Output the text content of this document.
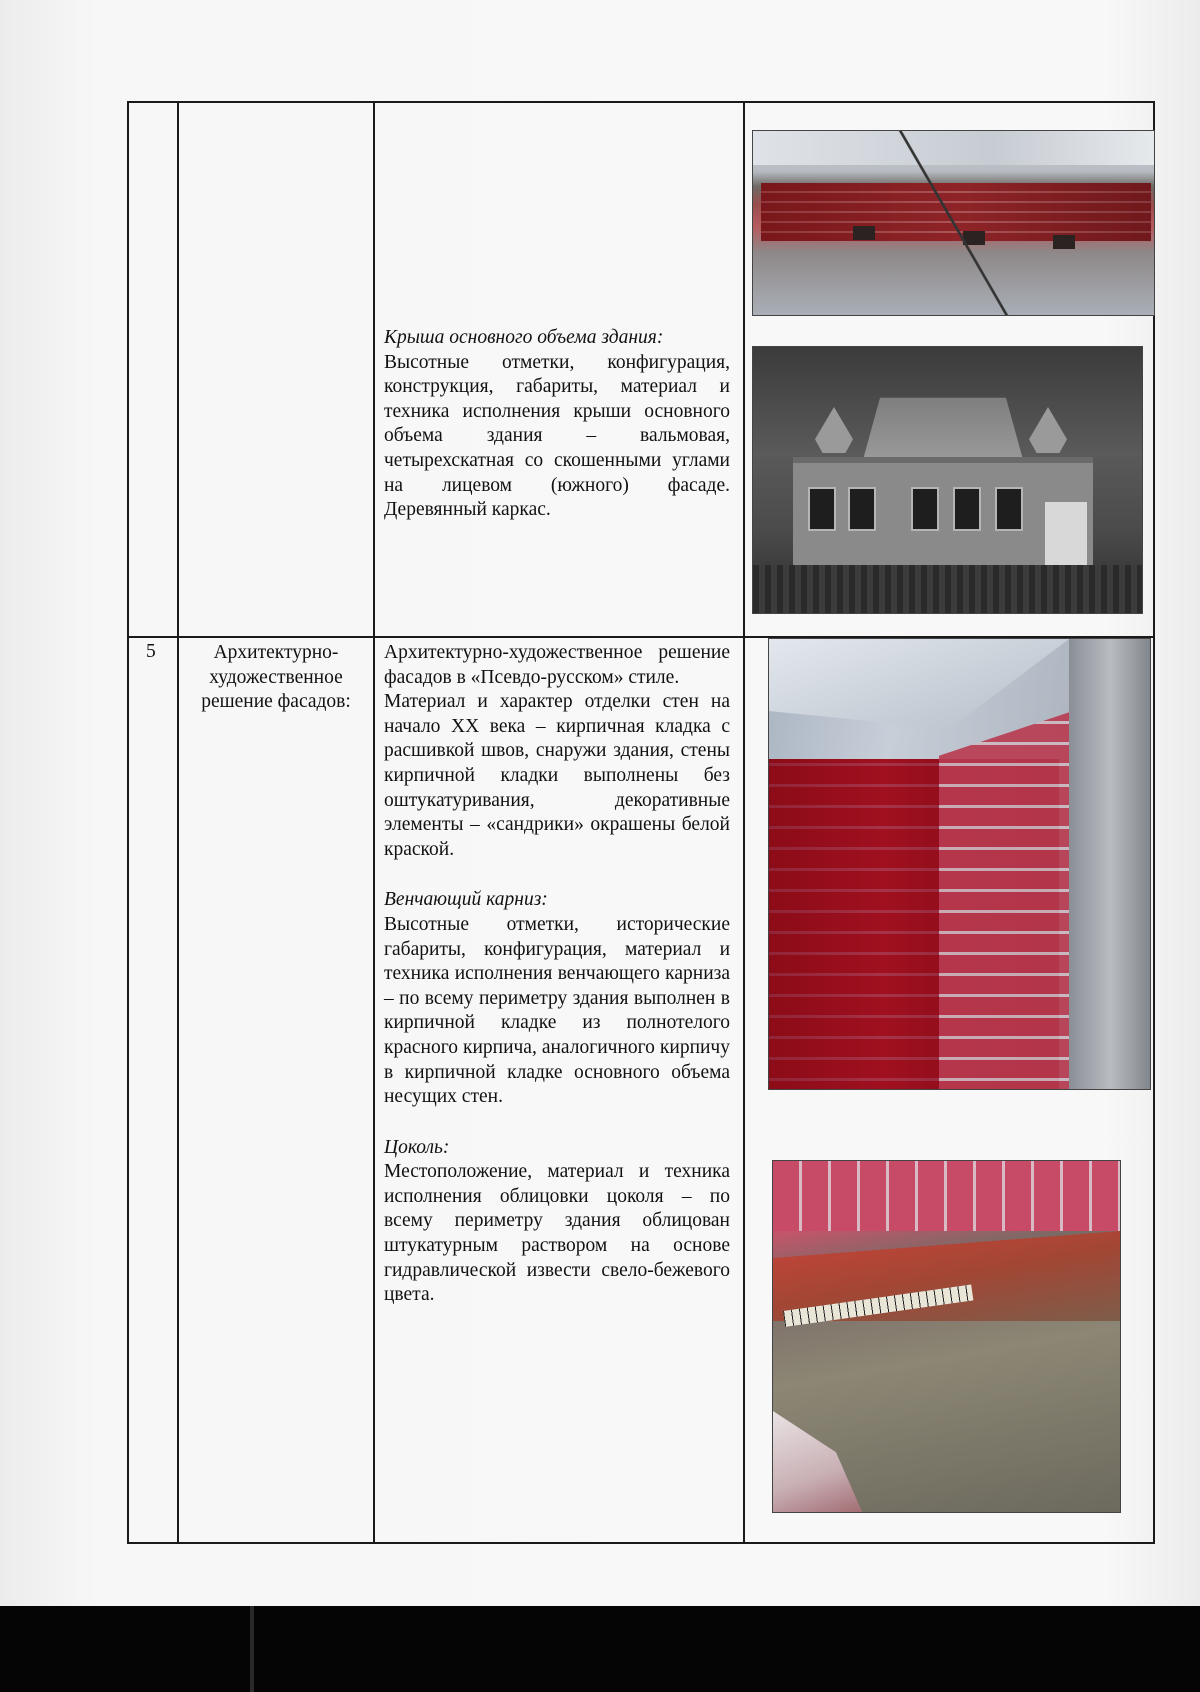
Крыша основного объема здания:

Высотные отметки, конфигурация, конструкция, габариты, материал и техника исполнения крыши основного объема здания – вальмовая, четырехскатная со скошенными углами на лицевом (южного) фасаде. Деревянный каркас.

5	Архитектурно-художественное решение фасадов:

Архитектурно-художественное решение фасадов в «Псевдо-русском» стиле.

Материал и характер отделки стен на начало XX века – кирпичная кладка с расшивкой швов, снаружи здания, стены кирпичной кладки выполнены без оштукатуривания, декоративные элементы – «сандрики» окрашены белой краской.

Венчающий карниз:

Высотные отметки, исторические габариты, конфигурация, материал и техника исполнения венчающего карниза – по всему периметру здания выполнен в кирпичной кладке из полнотелого красного кирпича, аналогичного кирпичу в кирпичной кладке основного объема несущих стен.

Цоколь:

Местоположение, материал и техника исполнения облицовки цоколя – по всему периметру здания облицован штукатурным раствором на основе гидравлической извести свело-бежевого цвета.
